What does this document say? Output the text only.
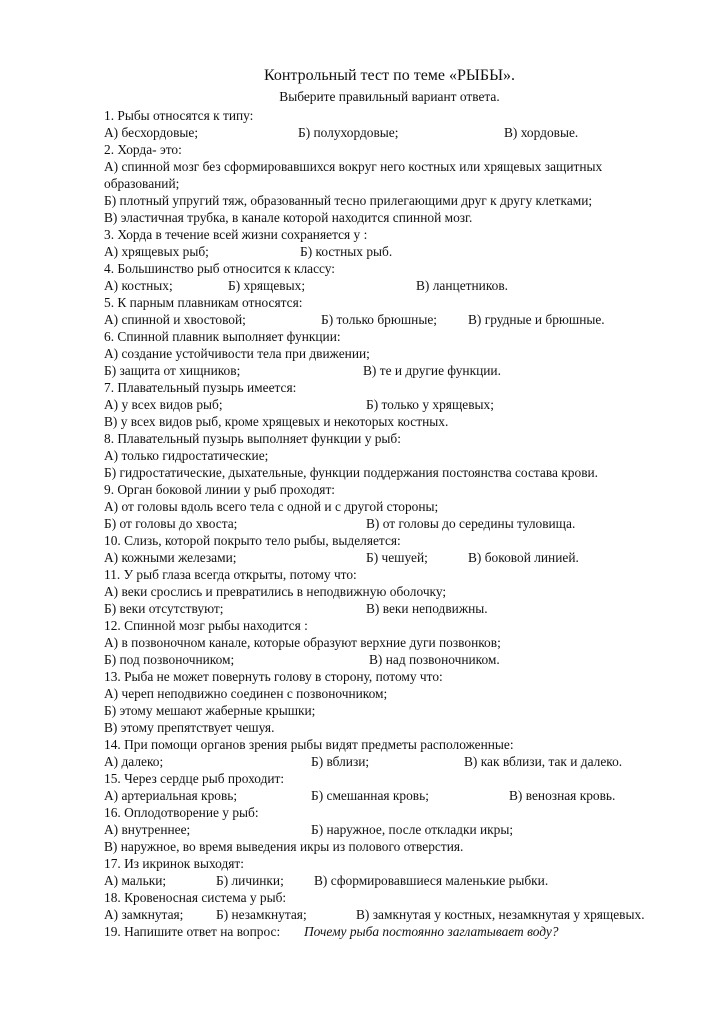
Контрольный тест по теме «РЫБЫ».
Выберите правильный вариант ответа.
1. Рыбы относятся к типу:
А) бесхордовые;	Б) полухордовые;	В) хордовые.
2. Хорда- это:
А) спинной мозг без сформировавшихся вокруг него костных или хрящевых защитных
образований;
Б) плотный упругий тяж, образованный тесно прилегающими друг к другу клетками;
В) эластичная трубка, в канале которой находится спинной мозг.
3. Хорда в течение всей жизни сохраняется у :
А) хрящевых рыб;	Б) костных рыб.
4. Большинство рыб относится к классу:
А) костных;	Б) хрящевых;	В) ланцетников.
5. К парным плавникам относятся:
А) спинной и хвостовой;	Б) только брюшные; В) грудные и брюшные.
6. Спинной плавник выполняет функции:
А) создание устойчивости тела при движении;
Б) защита от хищников;	В) те и другие функции.
7. Плавательный пузырь имеется:
А) у всех видов рыб;	Б) только у хрящевых;
В) у всех видов рыб, кроме хрящевых и некоторых костных.
8. Плавательный пузырь выполняет функции у рыб:
А) только гидростатические;
Б) гидростатические, дыхательные, функции поддержания постоянства состава крови.
9. Орган боковой линии у рыб проходят:
А) от головы вдоль всего тела с одной и с другой стороны;
Б) от головы до хвоста;	В) от головы до середины туловища.
10. Слизь, которой покрыто тело рыбы, выделяется:
А) кожными железами;	Б) чешуей;	В) боковой линией.
11. У рыб глаза всегда открыты, потому что:
А) веки срослись и превратились в неподвижную оболочку;
Б) веки отсутствуют;	В) веки неподвижны.
12. Спинной мозг рыбы находится :
А) в позвоночном канале, которые образуют верхние дуги позвонков;
Б) под позвоночником;	В) над позвоночником.
13. Рыба не может повернуть голову в сторону, потому что:
А) череп неподвижно соединен с позвоночником;
Б) этому мешают жаберные крышки;
В) этому препятствует чешуя.
14. При помощи органов зрения рыбы видят предметы расположенные:
А) далеко;	Б) вблизи;	В) как вблизи, так и далеко.
15. Через сердце рыб проходит:
А) артериальная кровь;	Б) смешанная кровь;	В) венозная кровь.
16. Оплодотворение у рыб:
А) внутреннее;	Б) наружное, после откладки икры;
В) наружное, во время выведения икры из полового отверстия.
17. Из икринок выходят:
А) мальки;	Б) личинки; В) сформировавшиеся маленькие рыбки.
18. Кровеносная система у рыб:
А) замкнутая; Б) незамкнутая;	В) замкнутая у костных, незамкнутая у хрящевых.
19. Напишите ответ на вопрос: Почему рыба постоянно заглатывает воду?
